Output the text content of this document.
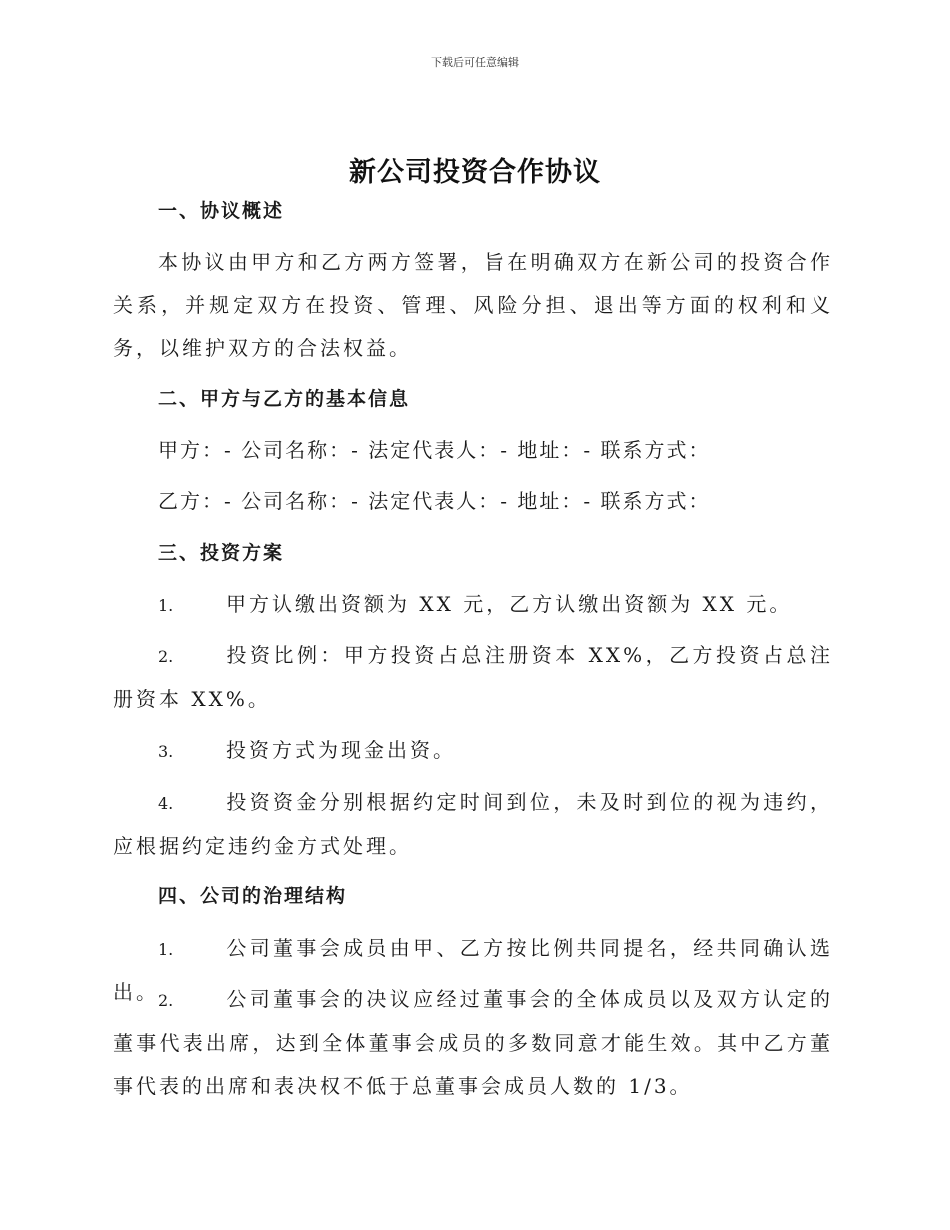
下载后可任意编辑
新公司投资合作协议
一、协议概述
本协议由甲方和乙方两方签署，旨在明确双方在新公司的投资合作关系，并规定双方在投资、管理、风险分担、退出等方面的权利和义务，以维护双方的合法权益。
二、甲方与乙方的基本信息
甲方：- 公司名称：- 法定代表人：- 地址：- 联系方式：
乙方：- 公司名称：- 法定代表人：- 地址：- 联系方式：
三、投资方案
1.	甲方认缴出资额为 XX 元，乙方认缴出资额为 XX 元。
2.	投资比例：甲方投资占总注册资本 XX%，乙方投资占总注册资本 XX%。
3.	投资方式为现金出资。
4.	投资资金分别根据约定时间到位，未及时到位的视为违约，应根据约定违约金方式处理。
四、公司的治理结构
1.	公司董事会成员由甲、乙方按比例共同提名，经共同确认选出。 2.	公司董事会的决议应经过董事会的全体成员以及双方认定的董事代表出席，达到全体董事会成员的多数同意才能生效。其中乙方董事代表的出席和表决权不低于总董事会成员人数的 1/3。
